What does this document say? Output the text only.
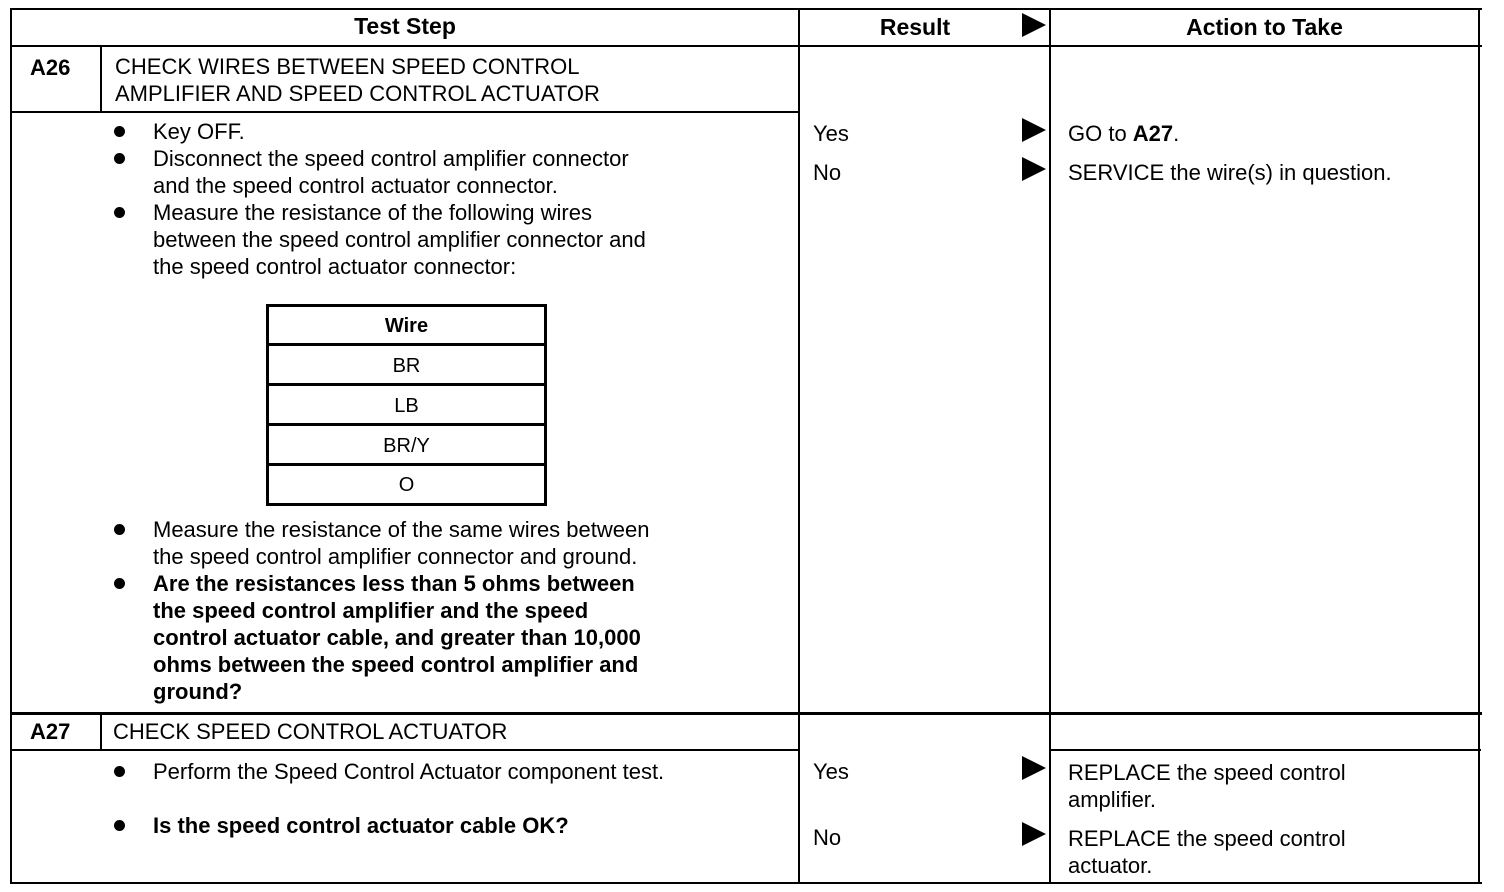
Test Step	Result	Action to Take
A26 CHECK WIRES BETWEEN SPEED CONTROL
AMPLIFIER AND SPEED CONTROL ACTUATOR
Key OFF.
Disconnect the speed control amplifier connector
and the speed control actuator connector.
Measure the resistance of the following wires
between the speed control amplifier connector and
the speed control actuator connector:
Wire
BR
LB
BR/Y
O
Measure the resistance of the same wires between
the speed control amplifier connector and ground.
Are the resistances less than 5 ohms between
the speed control amplifier and the speed
control actuator cable, and greater than 10,000
ohms between the speed control amplifier and
ground?
Yes	GO to A27.
No	SERVICE the wire(s) in question.
A27 CHECK SPEED CONTROL ACTUATOR
Perform the Speed Control Actuator component test.
Is the speed control actuator cable OK?
Yes	REPLACE the speed control
amplifier.
No	REPLACE the speed control
actuator.
